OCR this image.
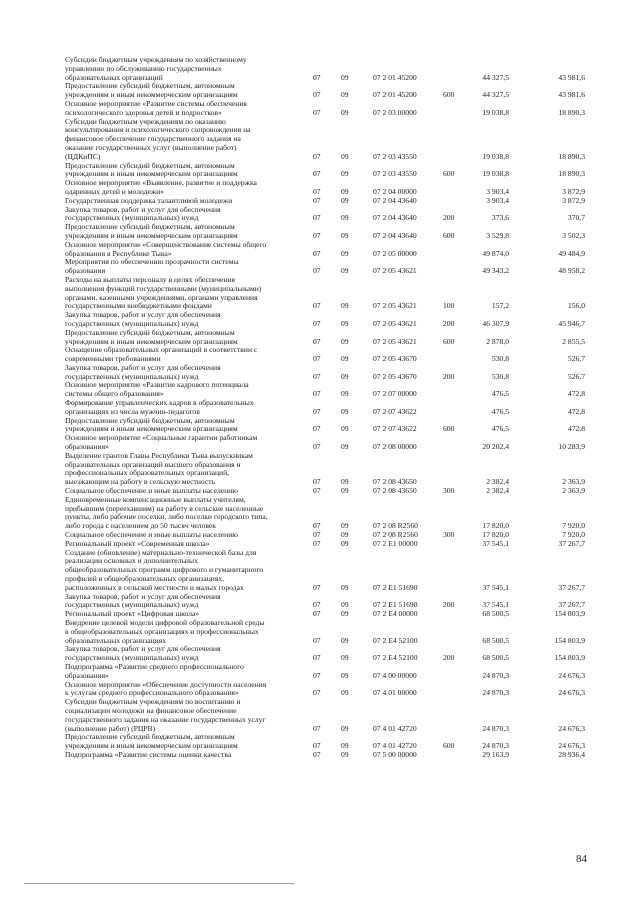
Субсидии бюджетным учреждениям по хозяйственному
управлению по обслуживанию государственных
образовательных организаций	07	09	07 2 01 45200	44 327,5	43 981,6
Предоставление субсидий бюджетным, автономным
учреждениям и иным некоммерческим организациям	07	09	07 2 01 45200	600	44 327,5	43 981,6
Основное мероприятие «Развитие системы обеспечения
психологического здоровья детей и подростков»	07	09	07 2 03 00000	19 038,8	18 890,3
Субсидии бюджетным учреждениям по оказанию
консультирования и психологического сопровождения на
финансовое обеспечение государственного задания на
оказание государственных услуг (выполнение работ)
(ЦДКиПС)	07	09	07 2 03 43550	19 038,8	18 890,3
Предоставление субсидий бюджетным, автономным
учреждениям и иным некоммерческим организациям	07	09	07 2 03 43550	600	19 038,8	18 890,3
Основное мероприятие «Выявление, развитие и поддержка
одаренных детей и молодежи»	07	09	07 2 04 00000	3 903,4	3 872,9
Государственная поддержка талантливой молодежи	07	09	07 2 04 43640	3 903,4	3 872,9
Закупка товаров, работ и услуг для обеспечения
государственных (муниципальных) нужд	07	09	07 2 04 43640	200	373,6	370,7
Предоставление субсидий бюджетным, автономным
учреждениям и иным некоммерческим организациям	07	09	07 2 04 43640	600	3 529,8	3 502,3
Основное мероприятие «Совершенствование системы общего
образования в Республике Тыва»	07	09	07 2 05 00000	49 874,0	49 484,9
Мероприятия по обеспечению прозрачности системы
образования	07	09	07 2 05 43621	49 343,2	48 958,2
Расходы на выплаты персоналу в целях обеспечения
выполнения функций государственными (муниципальными)
органами, казенными учреждениями, органами управления
государственными внебюджетными фондами	07	09	07 2 05 43621	100	157,2	156,0
Закупка товаров, работ и услуг для обеспечения
государственных (муниципальных) нужд	07	09	07 2 05 43621	200	46 307,9	45 946,7
Предоставление субсидий бюджетным, автономным
учреждениям и иным некоммерческим организациям	07	09	07 2 05 43621	600	2 878,0	2 855,5
Оснащение образовательных организаций в соответствии с
современными требованиями	07	09	07 2 05 43670	530,8	526,7
Закупка товаров, работ и услуг для обеспечения
государственных (муниципальных) нужд	07	09	07 2 05 43670	200	530,8	526,7
Основное мероприятие «Развитие кадрового потенциала
системы общего образования»	07	09	07 2 07 00000	476,5	472,8
Формирование управленческих кадров в образовательных
организациях из числа мужчин-педагогов	07	09	07 2 07 43622	476,5	472,8
Предоставление субсидий бюджетным, автономным
учреждениям и иным некоммерческим организациям	07	09	07 2 07 43622	600	476,5	472,8
Основное мероприятие «Социальные гарантии работникам
образования»	07	09	07 2 08 00000	20 202,4	10 283,9
Выделение грантов Главы Республики Тыва выпускникам
образовательных организаций высшего образования и
профессиональных образовательных организаций,
выезжающим на работу в сельскую местность	07	09	07 2 08 43650	2 382,4	2 363,9
Социальное обеспечение и иные выплаты населению	07	09	07 2 08 43650	300	2 382,4	2 363,9
Единовременные компенсационные выплаты учителям,
прибывшим (переехавшим) на работу в сельские населенные
пункты, либо рабочие поселки, либо поселки городского типа,
либо города с населением до 50 тысяч человек	07	09	07 2 08 R2560	17 820,0	7 920,0
Социальное обеспечение и иные выплаты населению	07	09	07 2 08 R2560	300	17 820,0	7 920,0
Региональный проект «Современная школа»	07	09	07 2 E1 00000	37 545,1	37 267,7
Создание (обновление) материально-технической базы для
реализации основных и дополнительных
общеобразовательных программ цифрового и гуманитарного
профилей в общеобразовательных организациях,
расположенных в сельской местности и малых городах	07	09	07 2 E1 51690	37 545,1	37 267,7
Закупка товаров, работ и услуг для обеспечения
государственных (муниципальных) нужд	07	09	07 2 E1 51690	200	37 545,1	37 267,7
Региональный проект «Цифровая школа»	07	09	07 2 E4 00000	68 500,5	154 803,9
Внедрение целевой модели цифровой образовательной среды
в общеобразовательных организациях и профессиональных
образовательных организациях	07	09	07 2 E4 52100	68 500,5	154 803,9
Закупка товаров, работ и услуг для обеспечения
государственных (муниципальных) нужд	07	09	07 2 E4 52100	200	68 500,5	154 803,9
Подпрограмма «Развитие среднего профессионального
образования»	07	09	07 4 00 00000	24 870,3	24 676,3
Основное мероприятие «Обеспечение доступности населения
к услугам среднего профессионального образования»	07	09	07 4 01 00000	24 870,3	24 676,3
Субсидии бюджетным учреждениям по воспитанию и
социализации молодежи на финансовое обеспечение
государственного задания на оказание государственных услуг
(выполнение работ) (РЦРВ)	07	09	07 4 01 42720	24 870,3	24 676,3
Предоставление субсидий бюджетным, автономным
учреждениям и иным некоммерческим организациям	07	09	07 4 01 42720	600	24 870,3	24 676,3
Подпрограмма «Развитие системы оценки качества	07	09	07 5 00 00000	29 163,9	28 936,4
84
